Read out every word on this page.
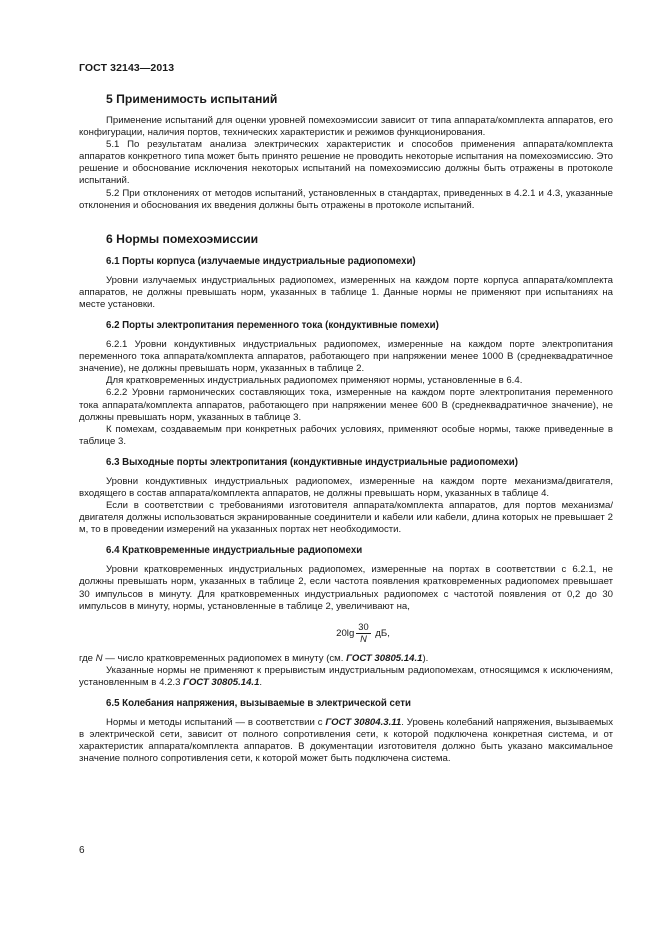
ГОСТ 32143—2013
5 Применимость испытаний

Применение испытаний для оценки уровней помехоэмиссии зависит от типа аппарата/комплекта аппаратов, его конфигурации, наличия портов, технических характеристик и режимов функционирования.

5.1 По результатам анализа электрических характеристик и способов применения аппарата/комплекта аппаратов конкретного типа может быть принято решение не проводить некоторые испытания на помехоэмиссию. Это решение и обоснование исключения некоторых испытаний на помехоэмиссию должны быть отражены в протоколе испытаний.

5.2 При отклонениях от методов испытаний, установленных в стандартах, приведенных в 4.2.1 и 4.3, указанные отклонения и обоснования их введения должны быть отражены в протоколе испытаний.

6 Нормы помехоэмиссии
6.1 Порты корпуса (излучаемые индустриальные радиопомехи)

Уровни излучаемых индустриальных радиопомех, измеренных на каждом порте корпуса аппарата/комплекта аппаратов, не должны превышать норм, указанных в таблице 1. Данные нормы не применяют при испытаниях на месте установки.

6.2 Порты электропитания переменного тока (кондуктивные помехи)

6.2.1 Уровни кондуктивных индустриальных радиопомех, измеренные на каждом порте электропитания переменного тока аппарата/комплекта аппаратов, работающего при напряжении менее 1000 В (среднеквадратичное значение), не должны превышать норм, указанных в таблице 2.

Для кратковременных индустриальных радиопомех применяют нормы, установленные в 6.4.

6.2.2 Уровни гармонических составляющих тока, измеренные на каждом порте электропитания переменного тока аппарата/комплекта аппаратов, работающего при напряжении менее 600 В (среднеквадратичное значение), не должны превышать норм, указанных в таблице 3.

К помехам, создаваемым при конкретных рабочих условиях, применяют особые нормы, также приведенные в таблице 3.

6.3 Выходные порты электропитания (кондуктивные индустриальные радиопомехи)

Уровни кондуктивных индустриальных радиопомех, измеренные на каждом порте механизма/двигателя, входящего в состав аппарата/комплекта аппаратов, не должны превышать норм, указанных в таблице 4.

Если в соответствии с требованиями изготовителя аппарата/комплекта аппаратов, для портов механизма/двигателя должны использоваться экранированные соединители и кабели или кабели, длина которых не превышает 2 м, то в проведении измерений на указанных портах нет необходимости.

6.4 Кратковременные индустриальные радиопомехи

Уровни кратковременных индустриальных радиопомех, измеренные на портах в соответствии с 6.2.1, не должны превышать норм, указанных в таблице 2, если частота появления кратковременных радиопомех превышает 30 импульсов в минуту. Для кратковременных индустриальных радиопомех с частотой появления от 0,2 до 30 импульсов в минуту, нормы, установленные в таблице 2, увеличивают на,

$20\lg \frac{30}{N}$ дБ,

где N — число кратковременных радиопомех в минуту (см. ГОСТ 30805.14.1).

Указанные нормы не применяют к прерывистым индустриальным радиопомехам, относящимся к исключениям, установленным в 4.2.3 ГОСТ 30805.14.1.

6.5 Колебания напряжения, вызываемые в электрической сети

Нормы и методы испытаний — в соответствии с ГОСТ 30804.3.11. Уровень колебаний напряжения, вызываемых в электрической сети, зависит от полного сопротивления сети, к которой подключена конкретная система, и от характеристик аппарата/комплекта аппаратов. В документации изготовителя должно быть указано максимальное значение полного сопротивления сети, к которой может быть подключена система.

6
